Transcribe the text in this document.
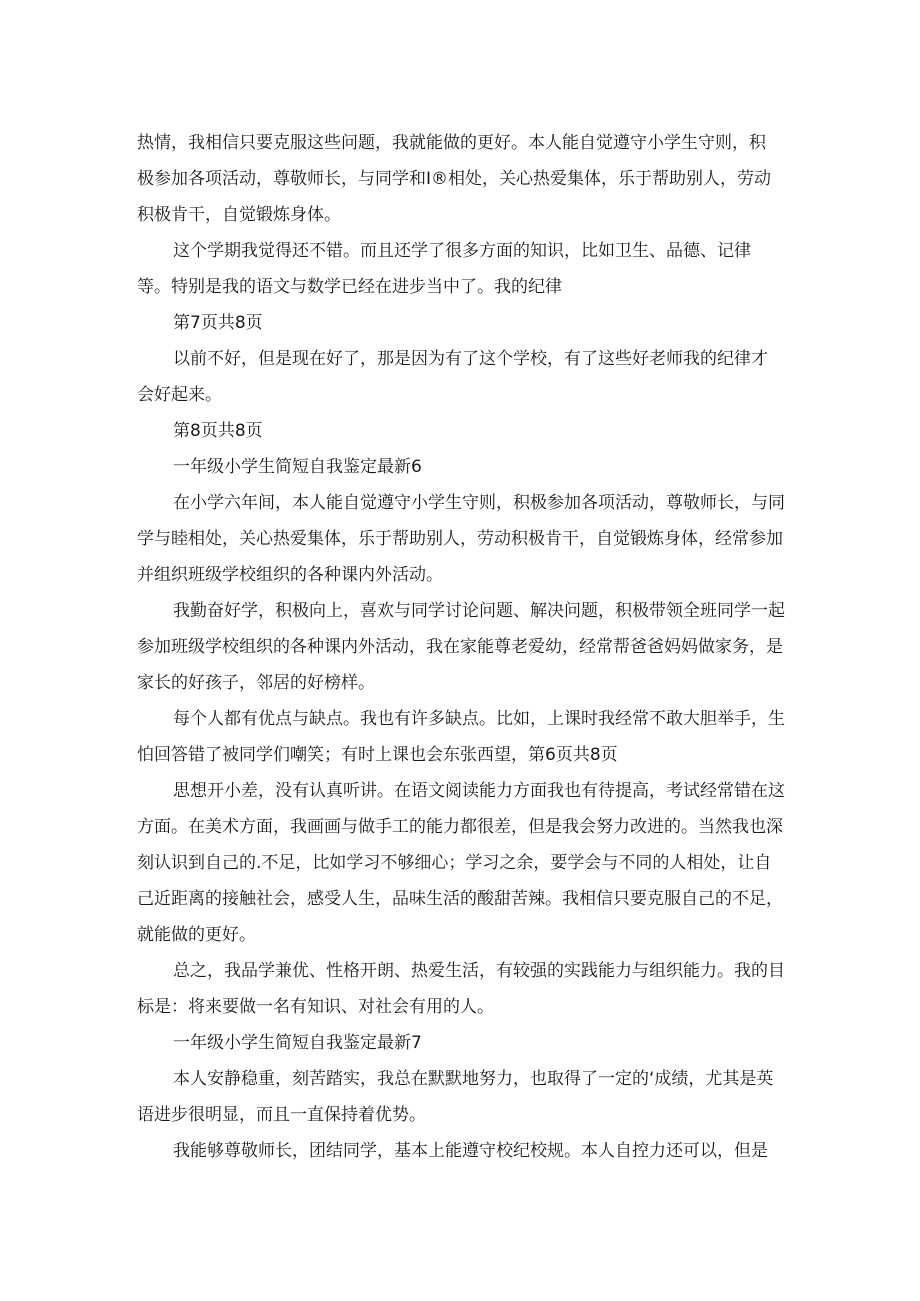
热情，我相信只要克服这些问题，我就能做的更好。本人能自觉遵守小学生守则，积
极参加各项活动，尊敬师长，与同学和I®相处，关心热爱集体，乐于帮助别人，劳动
积极肯干，自觉锻炼身体。
这个学期我觉得还不错。而且还学了很多方面的知识，比如卫生、品德、记律
等。特别是我的语文与数学已经在进步当中了。我的纪律
第7页共8页
以前不好，但是现在好了，那是因为有了这个学校，有了这些好老师我的纪律才
会好起来。
第8页共8页
一年级小学生简短自我鉴定最新6
在小学六年间，本人能自觉遵守小学生守则，积极参加各项活动，尊敬师长，与同
学与睦相处，关心热爱集体，乐于帮助别人，劳动积极肯干，自觉锻炼身体，经常参加
并组织班级学校组织的各种课内外活动。
我勤奋好学，积极向上，喜欢与同学讨论问题、解决问题，积极带领全班同学一起
参加班级学校组织的各种课内外活动，我在家能尊老爱幼，经常帮爸爸妈妈做家务，是
家长的好孩子，邻居的好榜样。
每个人都有优点与缺点。我也有许多缺点。比如，上课时我经常不敢大胆举手，生
怕回答错了被同学们嘲笑；有时上课也会东张西望，第6页共8页
思想开小差，没有认真听讲。在语文阅读能力方面我也有待提高，考试经常错在这
方面。在美术方面，我画画与做手工的能力都很差，但是我会努力改进的。当然我也深
刻认识到自己的.不足，比如学习不够细心；学习之余，要学会与不同的人相处，让自
己近距离的接触社会，感受人生，品味生活的酸甜苦辣。我相信只要克服自己的不足，
就能做的更好。
总之，我品学兼优、性格开朗、热爱生活，有较强的实践能力与组织能力。我的目
标是：将来要做一名有知识、对社会有用的人。
一年级小学生简短自我鉴定最新7
本人安静稳重，刻苦踏实，我总在默默地努力，也取得了一定的‘成绩，尤其是英
语进步很明显，而且一直保持着优势。
我能够尊敬师长，团结同学，基本上能遵守校纪校规。本人自控力还可以，但是
